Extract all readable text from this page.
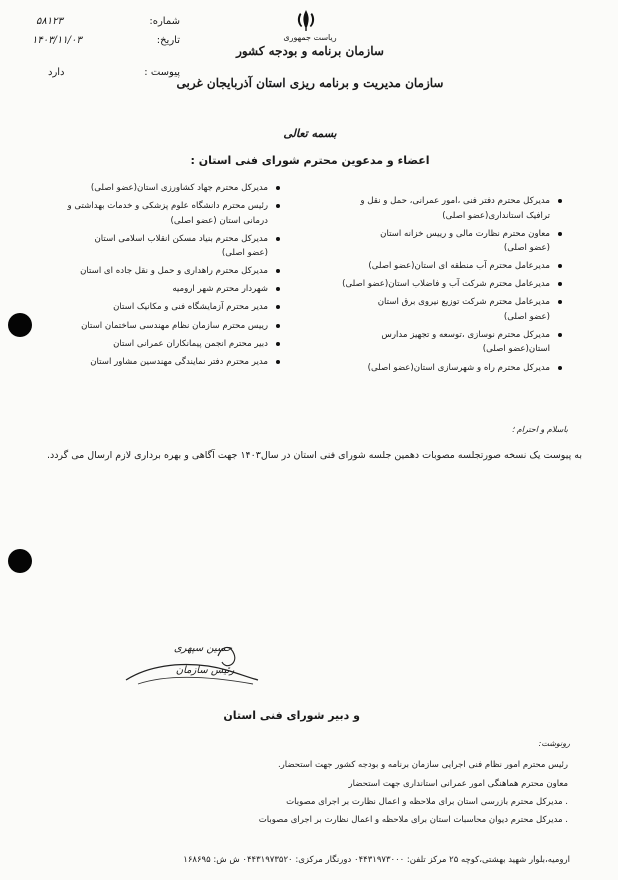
ریاست جمهوری
سازمان برنامه و بودجه کشور
سازمان مدیریت و برنامه ریزی استان آذربایجان غربی
شماره:
۵۸۱۲۳
تاریخ:
۱۴۰۳/۱۱/۰۳
پیوست :
دارد
بسمه تعالی
اعضاء و مدعوین محترم شورای فنی استان :
مدیرکل محترم دفتر فنی ،امور عمرانی، حمل و نقل و
ترافیک استانداری(عضو اصلی)
معاون محترم نظارت مالی و رییس خزانه استان
(عضو اصلی)
مدیرعامل محترم آب منطقه ای استان(عضو اصلی)
مدیرعامل محترم شرکت آب و فاضلاب استان(عضو اصلی)
مدیرعامل محترم شرکت توزیع نیروی برق استان
(عضو اصلی)
مدیرکل محترم نوسازی ،توسعه و تجهیز مدارس
استان(عضو اصلی)
مدیرکل محترم راه و شهرسازی استان(عضو اصلی)
مدیرکل محترم جهاد کشاورزی استان(عضو اصلی)
رئیس محترم دانشگاه علوم پزشکی و خدمات بهداشتی و
درمانی استان (عضو اصلی)
مدیرکل محترم بنیاد مسکن انقلاب اسلامی استان
(عضو اصلی)
مدیرکل محترم راهداری و حمل و نقل جاده ای استان
شهردار محترم شهر ارومیه
مدیر محترم آزمایشگاه فنی و مکانیک استان
رییس محترم سازمان نظام مهندسی ساختمان استان
دبیر محترم انجمن پیمانکاران عمرانی استان
مدیر محترم دفتر نمایندگی مهندسین مشاور استان
باسلام و احترام ؛
به پیوست یک نسخه صورتجلسه مصوبات دهمین جلسه شورای فنی استان در سال۱۴۰۳ جهت آگاهی و بهره برداری لازم ارسال می گردد.
حسین سپهری
رئیس سازمان
و دبیر شورای فنی استان
رونوشت:
رئیس محترم امور نظام فنی اجرایی سازمان برنامه و بودجه کشور جهت استحضار.
معاون محترم هماهنگی امور عمرانی استانداری جهت استحضار
. مدیرکل محترم بازرسی استان برای ملاحظه و اعمال نظارت بر اجرای مصوبات
. مدیرکل محترم دیوان محاسبات استان برای ملاحظه و اعمال نظارت بر اجرای مصوبات
ارومیه،بلوار شهید بهشتی،کوچه ۲۵ مرکز تلفن: ۰۴۴۳۱۹۷۳۰۰۰ دورنگار مرکزی: ۰۴۴۳۱۹۷۳۵۲۰ ش ش: ۱۶۸۶۹۵
